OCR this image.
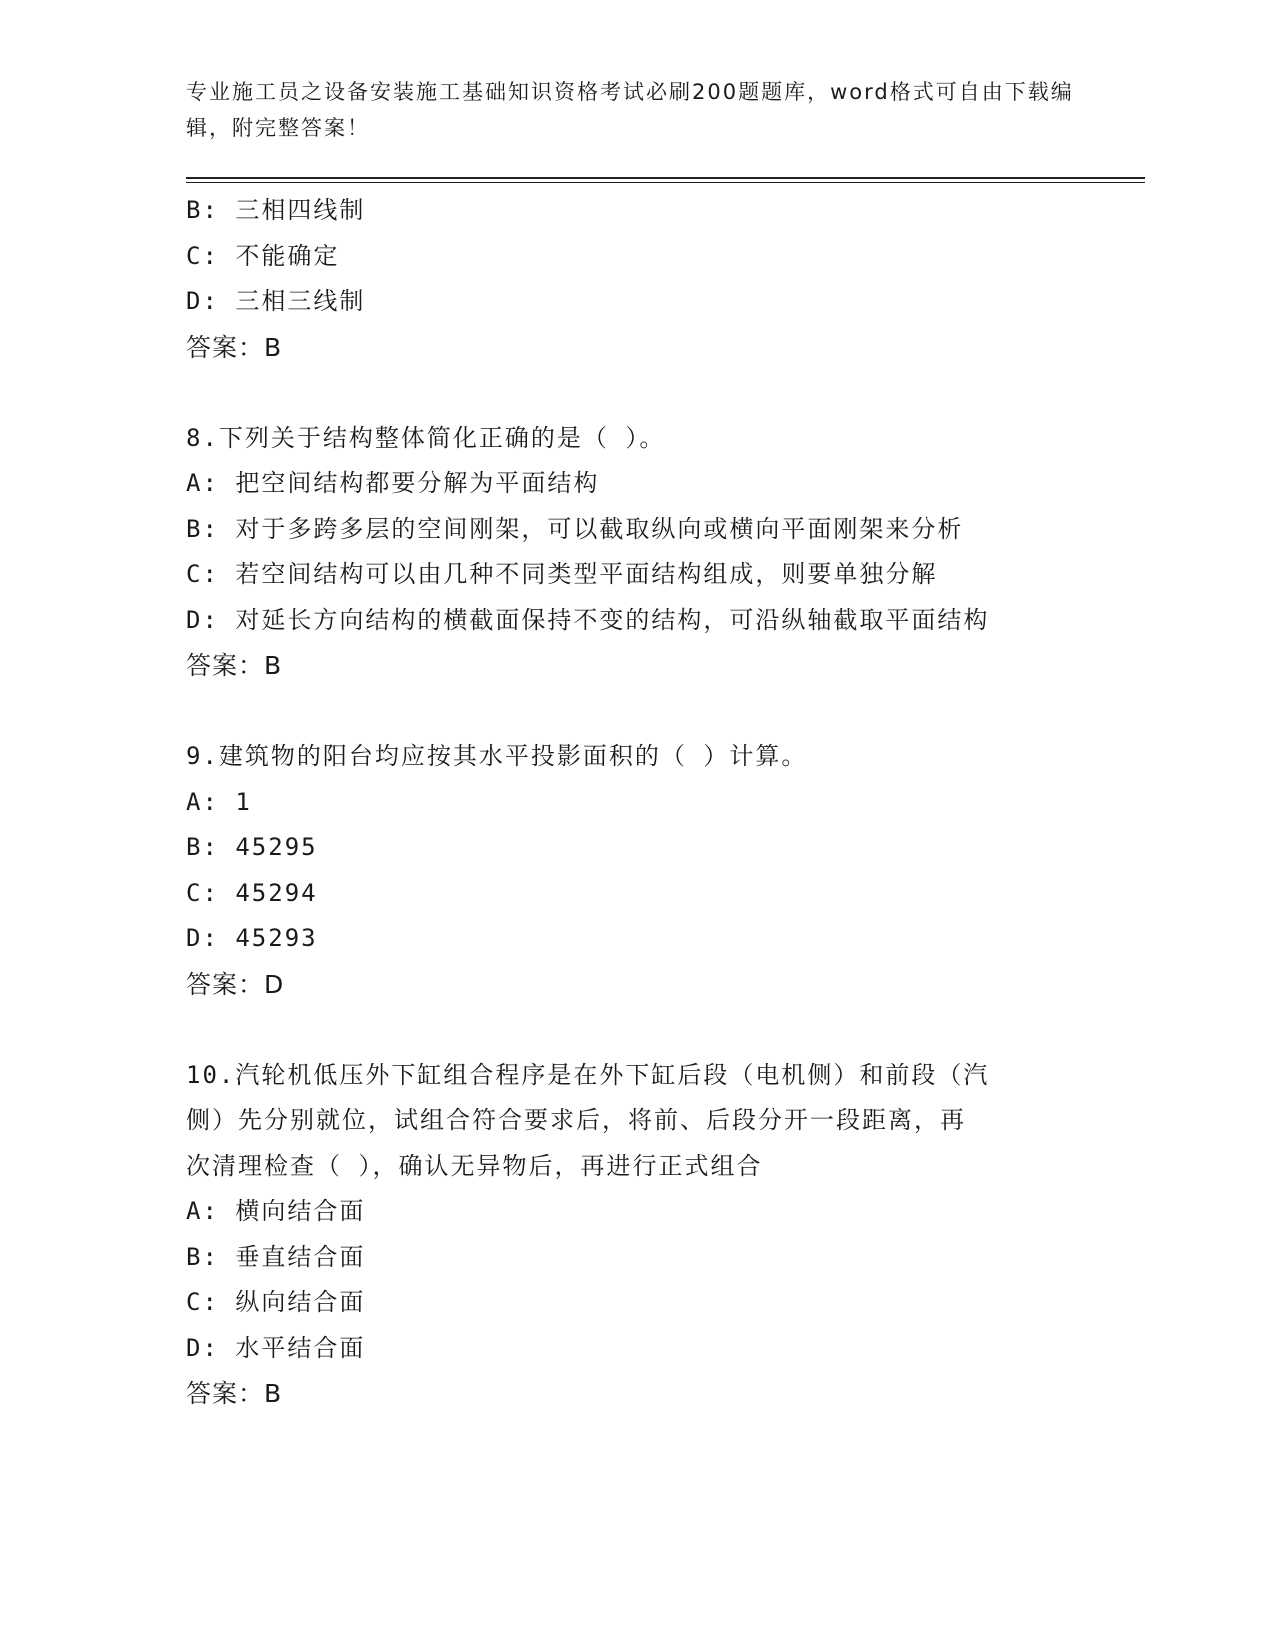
专业施工员之设备安装施工基础知识资格考试必刷200题题库，word格式可自由下载编辑，附完整答案！
B: 三相四线制
C: 不能确定
D: 三相三线制
答案：B
8.下列关于结构整体简化正确的是（ ）。
A: 把空间结构都要分解为平面结构
B: 对于多跨多层的空间刚架，可以截取纵向或横向平面刚架来分析
C: 若空间结构可以由几种不同类型平面结构组成，则要单独分解
D: 对延长方向结构的横截面保持不变的结构，可沿纵轴截取平面结构
答案：B
9.建筑物的阳台均应按其水平投影面积的（ ）计算。
A: 1
B: 45295
C: 45294
D: 45293
答案：D
10.汽轮机低压外下缸组合程序是在外下缸后段（电机侧）和前段（汽
侧）先分别就位，试组合符合要求后，将前、后段分开一段距离，再
次清理检查（ ），确认无异物后，再进行正式组合
A: 横向结合面
B: 垂直结合面
C: 纵向结合面
D: 水平结合面
答案：B
